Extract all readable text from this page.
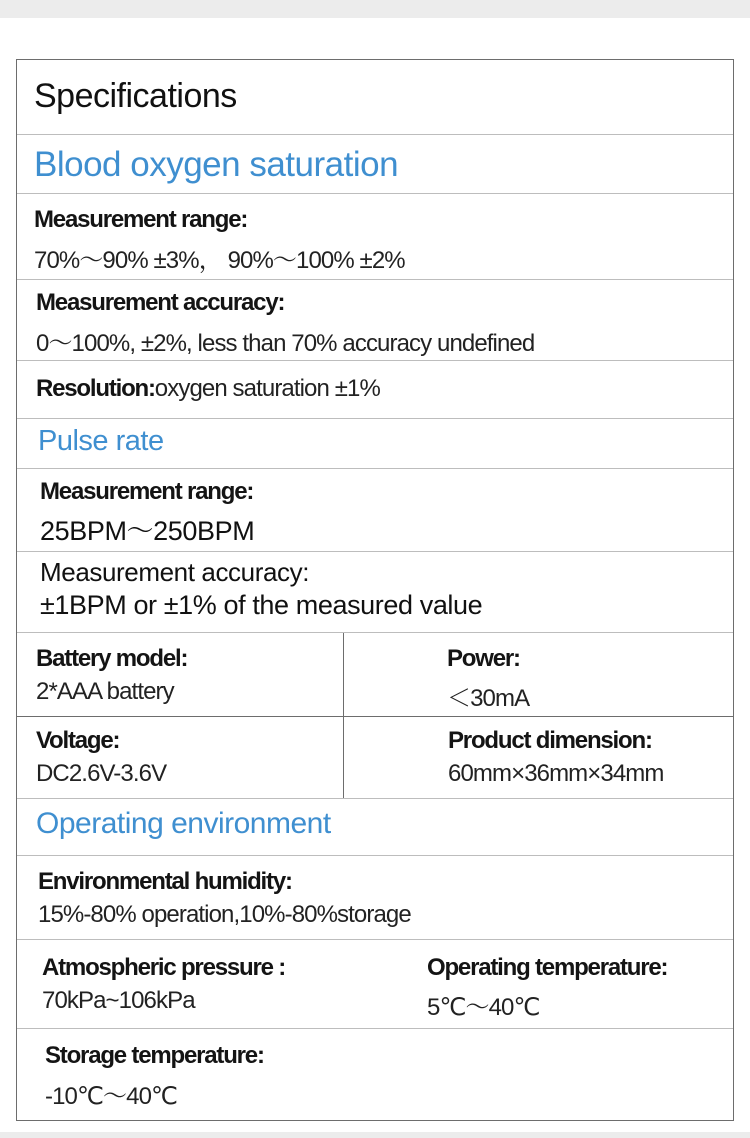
Specifications
Blood oxygen saturation
Measurement range:
70%〜90% ±3%， 90%〜100% ±2%
Measurement accuracy:
0〜100%, ±2%, less than 70% accuracy undefined
Resolution:oxygen saturation ±1%
Pulse rate
Measurement range:
25BPM〜250BPM
Measurement accuracy:
±1BPM or ±1% of the measured value
Battery model:
2*AAA battery
Power:
＜30mA
Voltage:
DC2.6V-3.6V
Product dimension:
60mm×36mm×34mm
Operating environment
Environmental humidity:
15%-80% operation,10%-80%storage
Atmospheric pressure :
70kPa~106kPa
Operating temperature:
5℃〜40℃
Storage temperature:
-10℃〜40℃
